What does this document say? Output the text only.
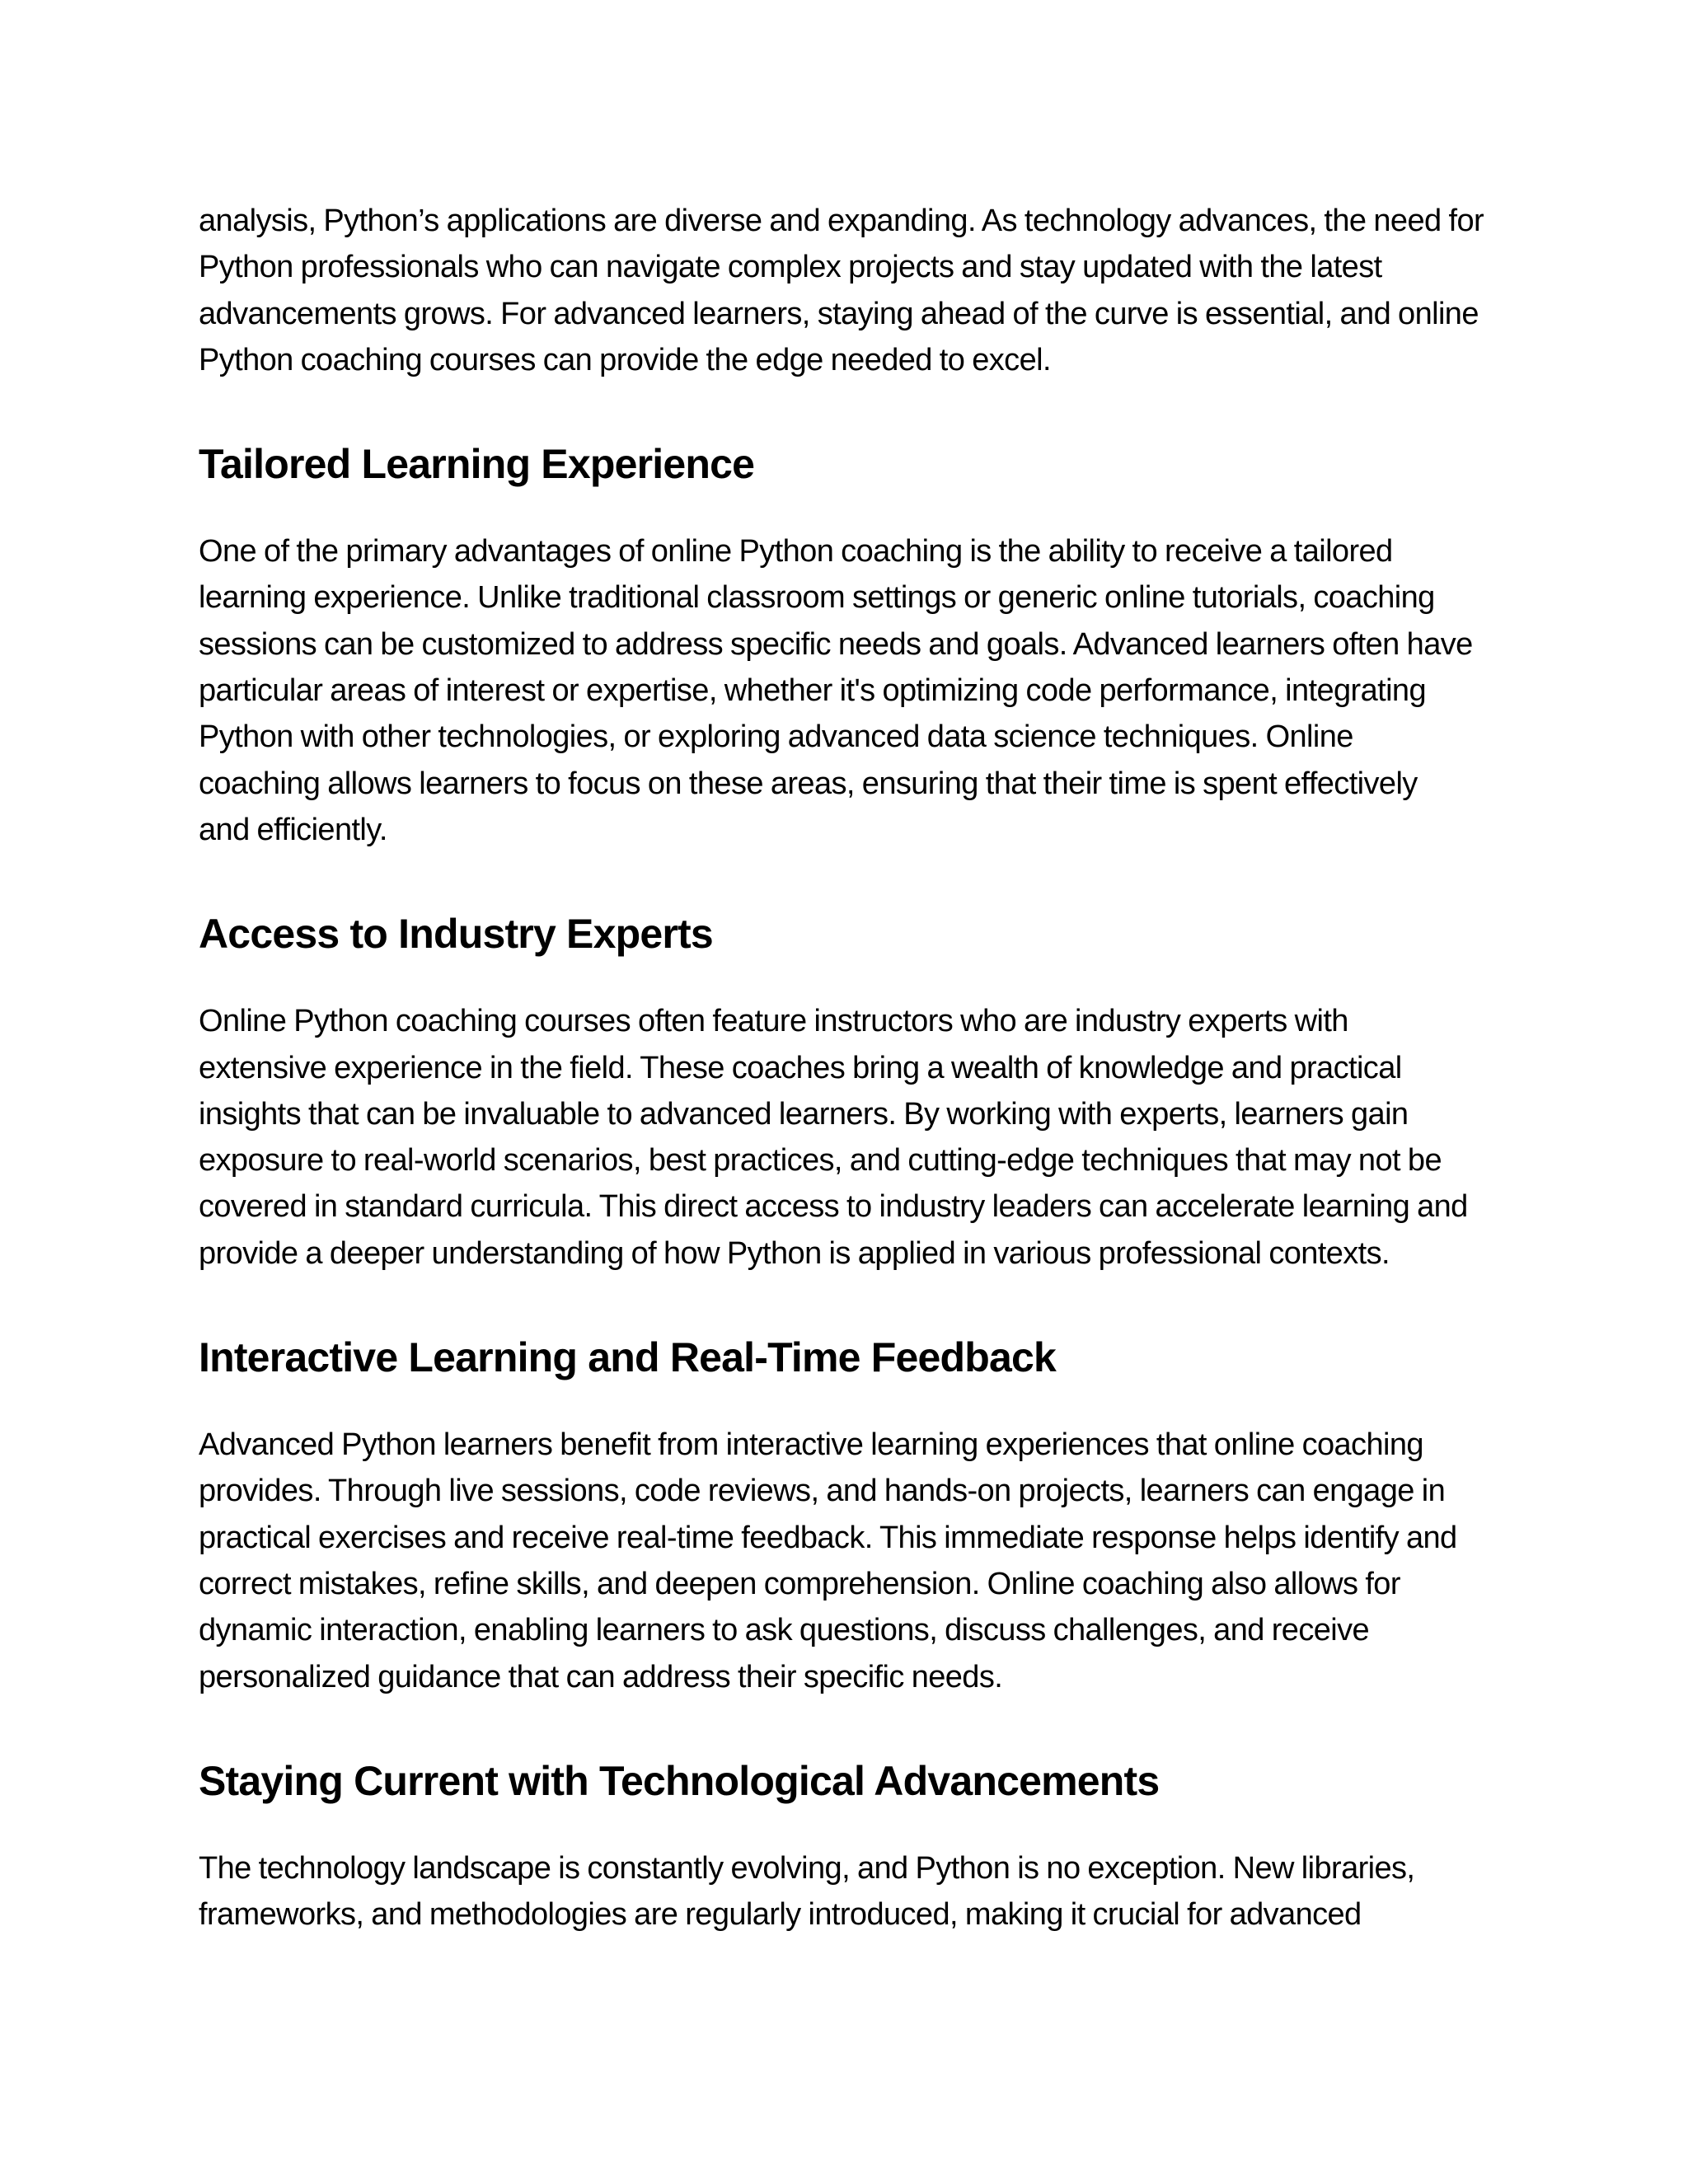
analysis, Python’s applications are diverse and expanding. As technology advances, the need for
Python professionals who can navigate complex projects and stay updated with the latest
advancements grows. For advanced learners, staying ahead of the curve is essential, and online
Python coaching courses can provide the edge needed to excel.

Tailored Learning Experience

One of the primary advantages of online Python coaching is the ability to receive a tailored
learning experience. Unlike traditional classroom settings or generic online tutorials, coaching
sessions can be customized to address specific needs and goals. Advanced learners often have
particular areas of interest or expertise, whether it's optimizing code performance, integrating
Python with other technologies, or exploring advanced data science techniques. Online
coaching allows learners to focus on these areas, ensuring that their time is spent effectively
and efficiently.

Access to Industry Experts

Online Python coaching courses often feature instructors who are industry experts with
extensive experience in the field. These coaches bring a wealth of knowledge and practical
insights that can be invaluable to advanced learners. By working with experts, learners gain
exposure to real-world scenarios, best practices, and cutting-edge techniques that may not be
covered in standard curricula. This direct access to industry leaders can accelerate learning and
provide a deeper understanding of how Python is applied in various professional contexts.

Interactive Learning and Real-Time Feedback

Advanced Python learners benefit from interactive learning experiences that online coaching
provides. Through live sessions, code reviews, and hands-on projects, learners can engage in
practical exercises and receive real-time feedback. This immediate response helps identify and
correct mistakes, refine skills, and deepen comprehension. Online coaching also allows for
dynamic interaction, enabling learners to ask questions, discuss challenges, and receive
personalized guidance that can address their specific needs.

Staying Current with Technological Advancements

The technology landscape is constantly evolving, and Python is no exception. New libraries,
frameworks, and methodologies are regularly introduced, making it crucial for advanced
